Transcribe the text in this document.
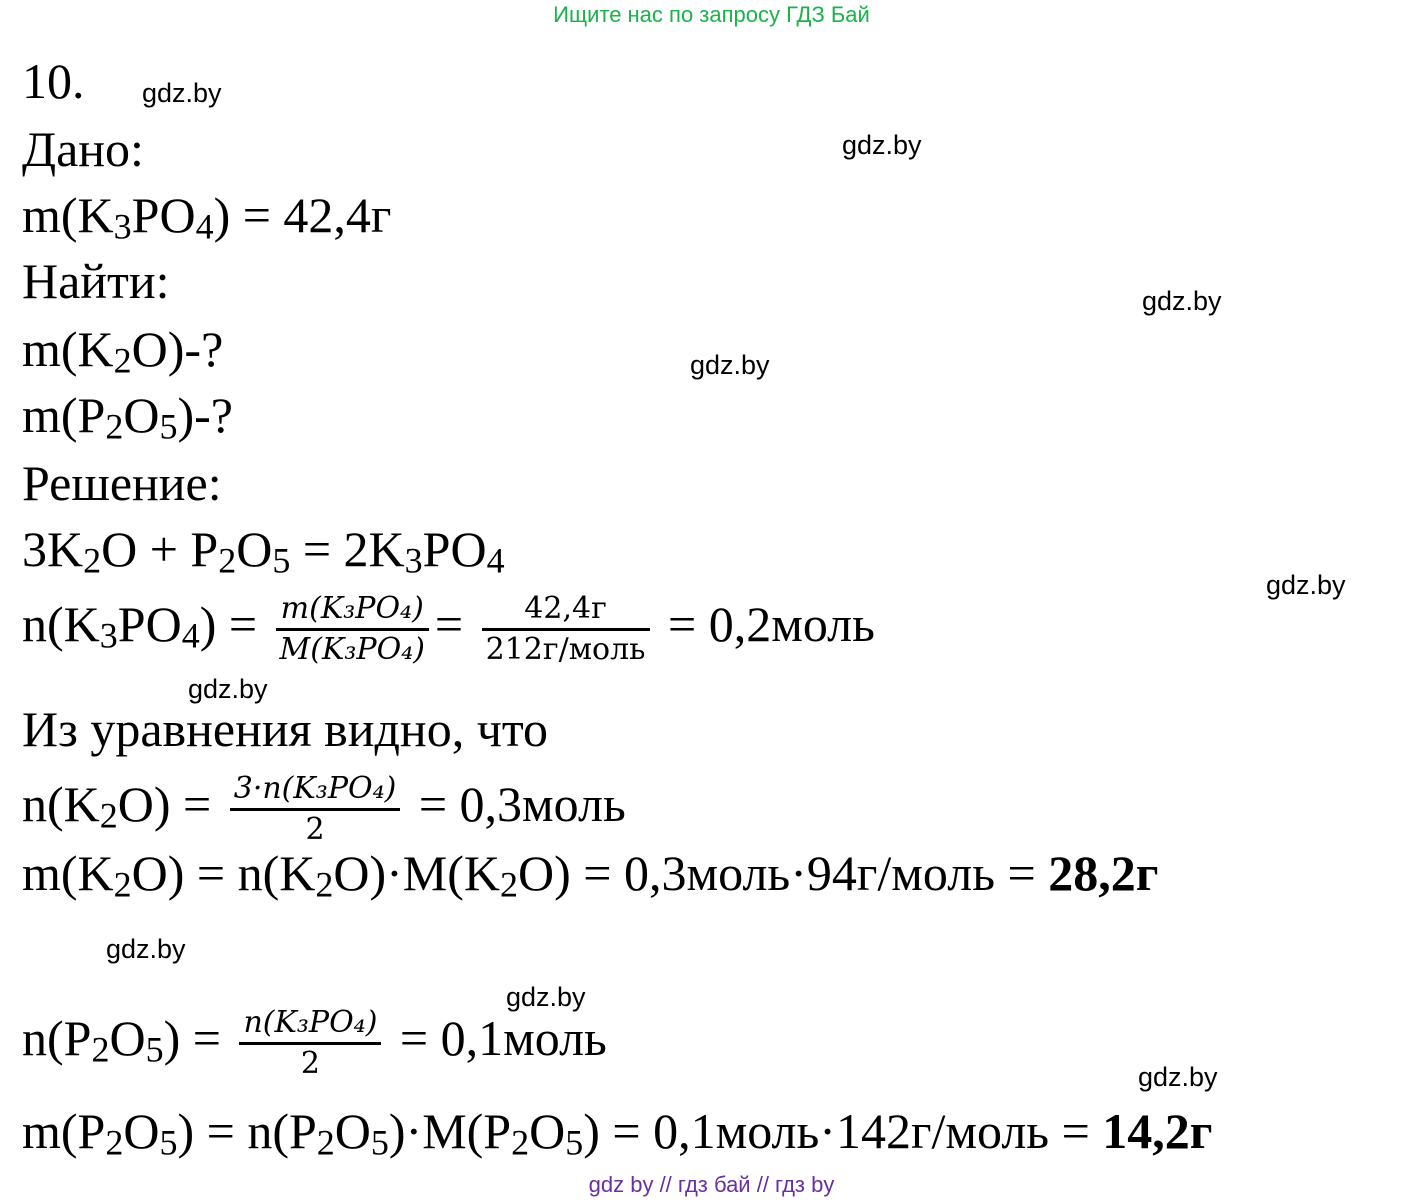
Ищите нас по запросу ГДЗ Бай
gdz.by
gdz.by
gdz.by
gdz.by
gdz.by
gdz.by
gdz.by
gdz.by
gdz.by
10.
Дано:
$m(K_3PO_4) = 42,4г$
Найти:
$m(K_2O)-$?
$m(P_2O_5)-$?
Решение:
$3K_2O + P_2O_5 = 2K_3PO_4$
$n(K_3PO_4) = \frac{\text{m(K₃PO₄)}}{\text{M(K₃PO₄)}} = \frac{42,4г}{\text{212г/моль}}$ = 0,2моль
Из уравнения видно, что
$n(K_2O) = \frac{\text{3·n(K₃PO₄)}}{2}$ = 0,3моль
$m(K_2O) = n(K_2O)\cdot M(K_2O)$ = 0,3моль·94г/моль = 28,2г
$n(P_2O_5) = \frac{\text{n(K₃PO₄)}}{2}$ = 0,1моль
$m(P_2O_5) = n(P_2O_5)\cdot M(P_2O_5)$ = 0,1моль·142г/моль = 14,2г
gdz by // гдз бай // гдз by
